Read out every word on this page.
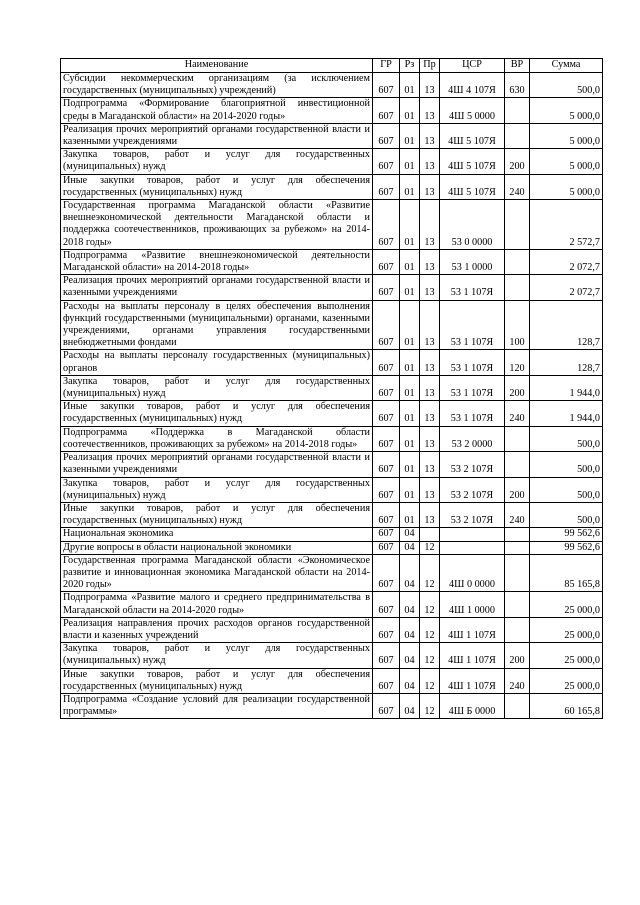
Наименование	ГР	Рз	Пр	ЦСР	ВР	Сумма
Субсидии некоммерческим организациям (за исключением государственных (муниципальных) учреждений)	607	01	13	4Ш 4 107Я	630	500,0
Подпрограмма «Формирование благоприятной инвестиционной среды в Магаданской области» на 2014-2020 годы»	607	01	13	4Ш 5 0000		5 000,0
Реализация прочих мероприятий органами государственной власти и казенными учреждениями	607	01	13	4Ш 5 107Я		5 000,0
Закупка товаров, работ и услуг для государственных (муниципальных) нужд	607	01	13	4Ш 5 107Я	200	5 000,0
Иные закупки товаров, работ и услуг для обеспечения государственных (муниципальных) нужд	607	01	13	4Ш 5 107Я	240	5 000,0
Государственная программа Магаданской области «Развитие внешнеэкономической деятельности Магаданской области и поддержка соотечественников, проживающих за рубежом» на 2014-2018 годы»	607	01	13	53 0 0000		2 572,7
Подпрограмма «Развитие внешнеэкономической деятельности Магаданской области» на 2014-2018 годы»	607	01	13	53 1 0000		2 072,7
Реализация прочих мероприятий органами государственной власти и казенными учреждениями	607	01	13	53 1 107Я		2 072,7
Расходы на выплаты персоналу в целях обеспечения выполнения функций государственными (муниципальными) органами, казенными учреждениями, органами управления государственными внебюджетными фондами	607	01	13	53 1 107Я	100	128,7
Расходы на выплаты персоналу государственных (муниципальных) органов	607	01	13	53 1 107Я	120	128,7
Закупка товаров, работ и услуг для государственных (муниципальных) нужд	607	01	13	53 1 107Я	200	1 944,0
Иные закупки товаров, работ и услуг для обеспечения государственных (муниципальных) нужд	607	01	13	53 1 107Я	240	1 944,0
Подпрограмма «Поддержка в Магаданской области соотечественников, проживающих за рубежом» на 2014-2018 годы»	607	01	13	53 2 0000		500,0
Реализация прочих мероприятий органами государственной власти и казенными учреждениями	607	01	13	53 2 107Я		500,0
Закупка товаров, работ и услуг для государственных (муниципальных) нужд	607	01	13	53 2 107Я	200	500,0
Иные закупки товаров, работ и услуг для обеспечения государственных (муниципальных) нужд	607	01	13	53 2 107Я	240	500,0
Национальная экономика	607	04				99 562,6
Другие вопросы в области национальной экономики	607	04	12			99 562,6
Государственная программа Магаданской области «Экономическое развитие и инновационная экономика Магаданской области на 2014-2020 годы»	607	04	12	4Ш 0 0000		85 165,8
Подпрограмма «Развитие малого и среднего предпринимательства в Магаданской области на 2014-2020 годы»	607	04	12	4Ш 1 0000		25 000,0
Реализация направления прочих расходов органов государственной власти и казенных учреждений	607	04	12	4Ш 1 107Я		25 000,0
Закупка товаров, работ и услуг для государственных (муниципальных) нужд	607	04	12	4Ш 1 107Я	200	25 000,0
Иные закупки товаров, работ и услуг для обеспечения государственных (муниципальных) нужд	607	04	12	4Ш 1 107Я	240	25 000,0
Подпрограмма «Создание условий для реализации государственной программы»	607	04	12	4Ш Б 0000		60 165,8
